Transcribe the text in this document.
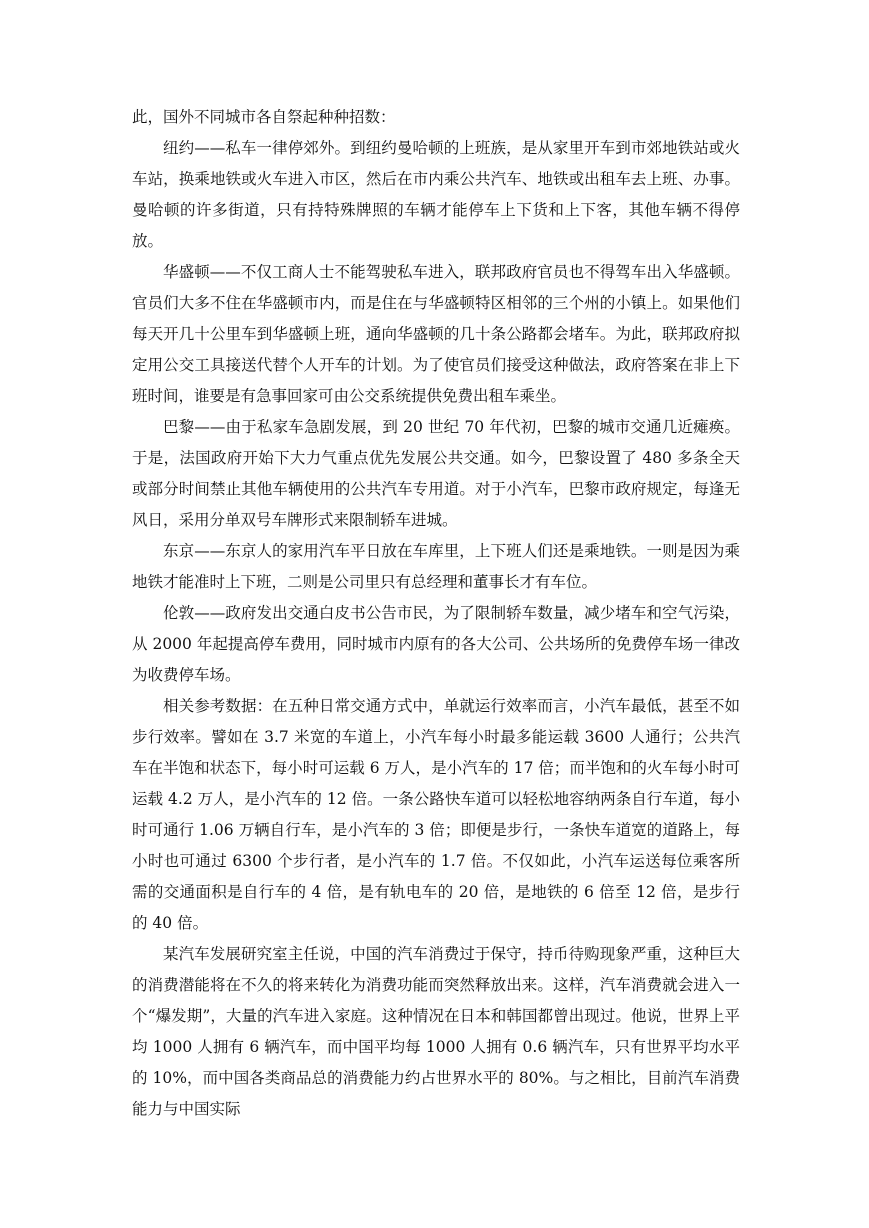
此，国外不同城市各自祭起种种招数：

纽约——私车一律停郊外。到纽约曼哈顿的上班族，是从家里开车到市郊地铁站或火车站，换乘地铁或火车进入市区，然后在市内乘公共汽车、地铁或出租车去上班、办事。曼哈顿的许多街道，只有持特殊牌照的车辆才能停车上下货和上下客，其他车辆不得停放。

华盛顿——不仅工商人士不能驾驶私车进入，联邦政府官员也不得驾车出入华盛顿。官员们大多不住在华盛顿市内，而是住在与华盛顿特区相邻的三个州的小镇上。如果他们每天开几十公里车到华盛顿上班，通向华盛顿的几十条公路都会堵车。为此，联邦政府拟定用公交工具接送代替个人开车的计划。为了使官员们接受这种做法，政府答案在非上下班时间，谁要是有急事回家可由公交系统提供免费出租车乘坐。

巴黎——由于私家车急剧发展，到 20 世纪 70 年代初，巴黎的城市交通几近瘫痪。于是，法国政府开始下大力气重点优先发展公共交通。如今，巴黎设置了 480 多条全天或部分时间禁止其他车辆使用的公共汽车专用道。对于小汽车，巴黎市政府规定，每逢无风日，采用分单双号车牌形式来限制轿车进城。

东京——东京人的家用汽车平日放在车库里，上下班人们还是乘地铁。一则是因为乘地铁才能准时上下班，二则是公司里只有总经理和董事长才有车位。

伦敦——政府发出交通白皮书公告市民，为了限制轿车数量，减少堵车和空气污染，从 2000 年起提高停车费用，同时城市内原有的各大公司、公共场所的免费停车场一律改为收费停车场。

相关参考数据：在五种日常交通方式中，单就运行效率而言，小汽车最低，甚至不如步行效率。譬如在 3.7 米宽的车道上，小汽车每小时最多能运载 3600 人通行；公共汽车在半饱和状态下，每小时可运载 6 万人，是小汽车的 17 倍；而半饱和的火车每小时可运载 4.2 万人，是小汽车的 12 倍。一条公路快车道可以轻松地容纳两条自行车道，每小时可通行 1.06 万辆自行车，是小汽车的 3 倍；即便是步行，一条快车道宽的道路上，每小时也可通过 6300 个步行者，是小汽车的 1.7 倍。不仅如此，小汽车运送每位乘客所需的交通面积是自行车的 4 倍，是有轨电车的 20 倍，是地铁的 6 倍至 12 倍，是步行的 40 倍。

某汽车发展研究室主任说，中国的汽车消费过于保守，持币待购现象严重，这种巨大的消费潜能将在不久的将来转化为消费功能而突然释放出来。这样，汽车消费就会进入一个“爆发期”，大量的汽车进入家庭。这种情况在日本和韩国都曾出现过。他说，世界上平均 1000 人拥有 6 辆汽车，而中国平均每 1000 人拥有 0.6 辆汽车，只有世界平均水平的 10%，而中国各类商品总的消费能力约占世界水平的 80%。与之相比，目前汽车消费能力与中国实际
